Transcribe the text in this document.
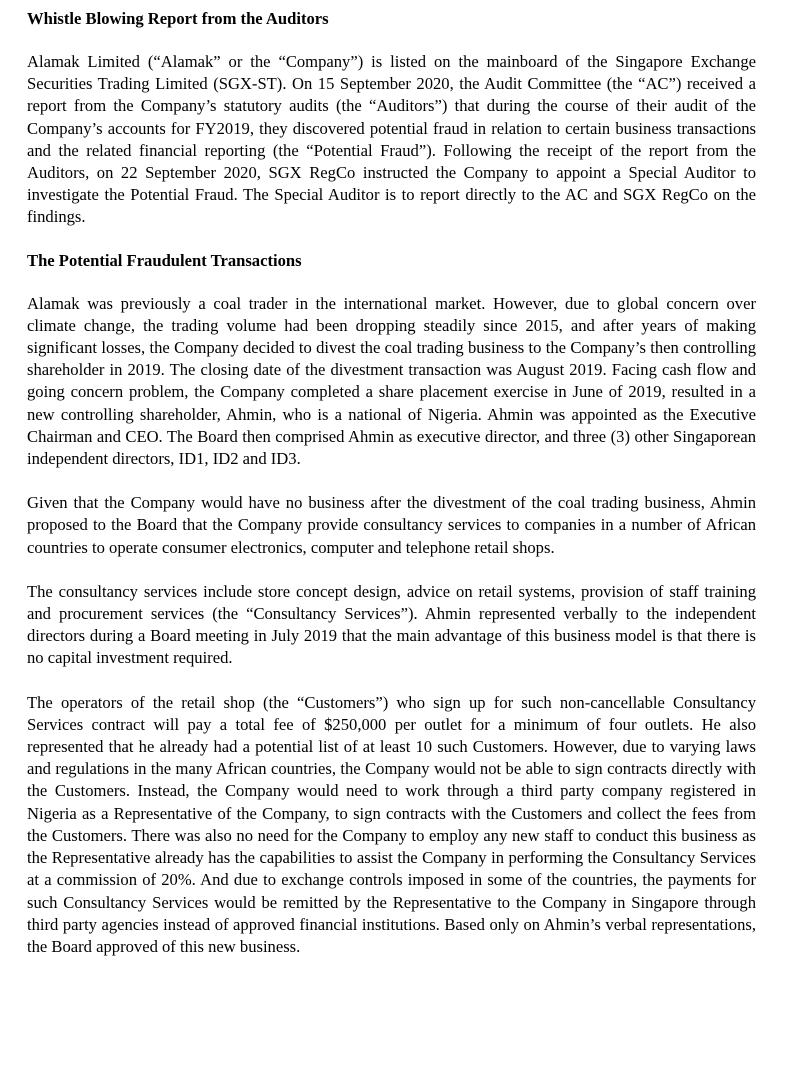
Whistle Blowing Report from the Auditors

Alamak Limited (“Alamak” or the “Company”) is listed on the mainboard of the Singapore Exchange Securities Trading Limited (SGX-ST). On 15 September 2020, the Audit Committee (the “AC”) received a report from the Company’s statutory audits (the “Auditors”) that during the course of their audit of the Company’s accounts for FY2019, they discovered potential fraud in relation to certain business transactions and the related financial reporting (the “Potential Fraud”). Following the receipt of the report from the Auditors, on 22 September 2020, SGX RegCo instructed the Company to appoint a Special Auditor to investigate the Potential Fraud. The Special Auditor is to report directly to the AC and SGX RegCo on the findings.

The Potential Fraudulent Transactions

Alamak was previously a coal trader in the international market. However, due to global concern over climate change, the trading volume had been dropping steadily since 2015, and after years of making significant losses, the Company decided to divest the coal trading business to the Company’s then controlling shareholder in 2019. The closing date of the divestment transaction was August 2019. Facing cash flow and going concern problem, the Company completed a share placement exercise in June of 2019, resulted in a new controlling shareholder, Ahmin, who is a national of Nigeria. Ahmin was appointed as the Executive Chairman and CEO. The Board then comprised Ahmin as executive director, and three (3) other Singaporean independent directors, ID1, ID2 and ID3.

Given that the Company would have no business after the divestment of the coal trading business, Ahmin proposed to the Board that the Company provide consultancy services to companies in a number of African countries to operate consumer electronics, computer and telephone retail shops.

The consultancy services include store concept design, advice on retail systems, provision of staff training and procurement services (the “Consultancy Services”). Ahmin represented verbally to the independent directors during a Board meeting in July 2019 that the main advantage of this business model is that there is no capital investment required.

The operators of the retail shop (the “Customers”) who sign up for such non-cancellable Consultancy Services contract will pay a total fee of $250,000 per outlet for a minimum of four outlets. He also represented that he already had a potential list of at least 10 such Customers. However, due to varying laws and regulations in the many African countries, the Company would not be able to sign contracts directly with the Customers. Instead, the Company would need to work through a third party company registered in Nigeria as a Representative of the Company, to sign contracts with the Customers and collect the fees from the Customers. There was also no need for the Company to employ any new staff to conduct this business as the Representative already has the capabilities to assist the Company in performing the Consultancy Services at a commission of 20%. And due to exchange controls imposed in some of the countries, the payments for such Consultancy Services would be remitted by the Representative to the Company in Singapore through third party agencies instead of approved financial institutions. Based only on Ahmin’s verbal representations, the Board approved of this new business.
